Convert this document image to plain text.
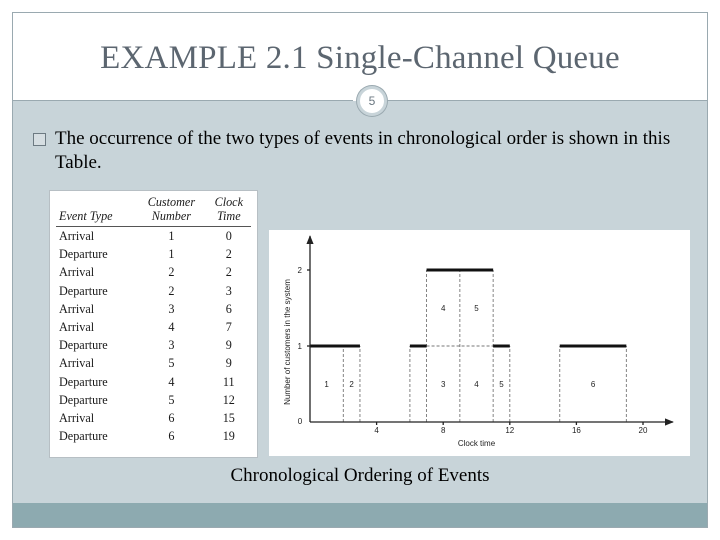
EXAMPLE 2.1 Single-Channel Queue
5
The occurrence of the two types of events in chronological order is shown in this Table.
	Customer	Clock
Event Type	Number	Time
Arrival	1	0
Departure	1	2
Arrival	2	2
Departure	2	3
Arrival	3	6
Arrival	4	7
Departure	3	9
Arrival	5	9
Departure	4	11
Departure	5	12
Arrival	6	15
Departure	6	19
0
4	8	12	16	20
1
2
1	2	3	4	5
4	5
6
Clock time
Number of customers in the system
Chronological Ordering of Events
